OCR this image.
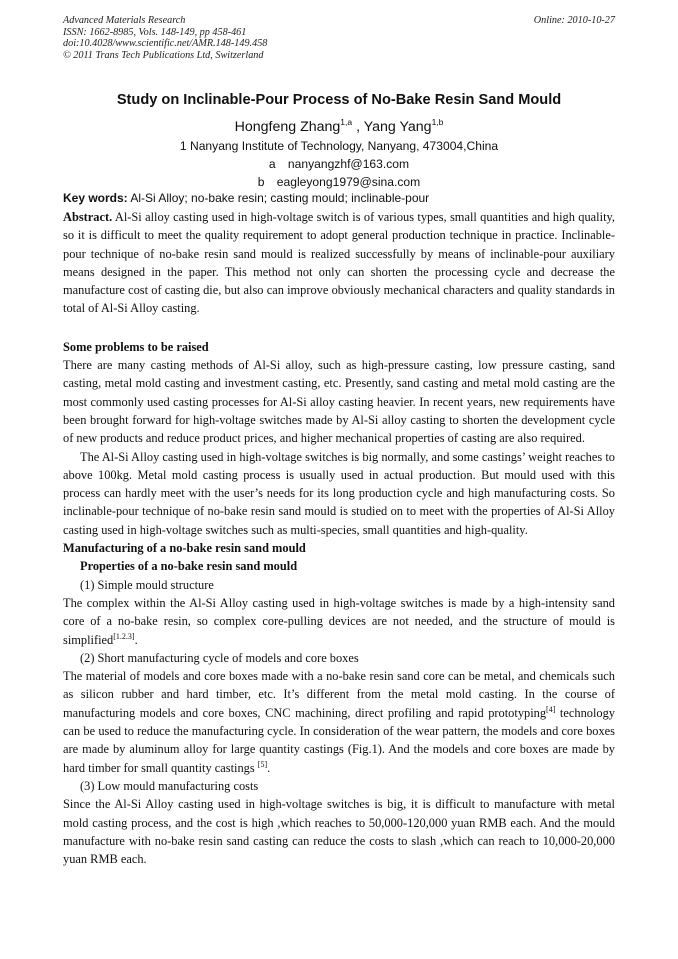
Advanced Materials Research
ISSN: 1662-8985, Vols. 148-149, pp 458-461
doi:10.4028/www.scientific.net/AMR.148-149.458
© 2011 Trans Tech Publications Ltd, Switzerland
Online: 2010-10-27
Study on Inclinable-Pour Process of No-Bake Resin Sand Mould
Hongfeng Zhang$^{1,a}$ , Yang Yang$^{1,b}$
1 Nanyang Institute of Technology, Nanyang, 473004,China
a nanyangzhf@163.com
b eagleyong1979@sina.com
Key words: Al-Si Alloy; no-bake resin; casting mould; inclinable-pour

Abstract. Al-Si alloy casting used in high-voltage switch is of various types, small quantities and high quality, so it is difficult to meet the quality requirement to adopt general production technique in practice. Inclinable-pour technique of no-bake resin sand mould is realized successfully by means of inclinable-pour auxiliary means designed in the paper. This method not only can shorten the processing cycle and decrease the manufacture cost of casting die, but also can improve obviously mechanical characters and quality standards in total of Al-Si Alloy casting.

Some problems to be raised

There are many casting methods of Al-Si alloy, such as high-pressure casting, low pressure casting, sand casting, metal mold casting and investment casting, etc. Presently, sand casting and metal mold casting are the most commonly used casting processes for Al-Si alloy casting heavier. In recent years, new requirements have been brought forward for high-voltage switches made by Al-Si alloy casting to shorten the development cycle of new products and reduce product prices, and higher mechanical properties of casting are also required.

The Al-Si Alloy casting used in high-voltage switches is big normally, and some castings’ weight reaches to above 100kg. Metal mold casting process is usually used in actual production. But mould used with this process can hardly meet with the user’s needs for its long production cycle and high manufacturing costs. So inclinable-pour technique of no-bake resin sand mould is studied on to meet with the properties of Al-Si Alloy casting used in high-voltage switches such as multi-species, small quantities and high-quality.

Manufacturing of a no-bake resin sand mould

Properties of a no-bake resin sand mould

(1) Simple mould structure

The complex within the Al-Si Alloy casting used in high-voltage switches is made by a high-intensity sand core of a no-bake resin, so complex core-pulling devices are not needed, and the structure of mould is simplified[1.2.3].

(2) Short manufacturing cycle of models and core boxes

The material of models and core boxes made with a no-bake resin sand core can be metal, and chemicals such as silicon rubber and hard timber, etc. It’s different from the metal mold casting. In the course of manufacturing models and core boxes, CNC machining, direct profiling and rapid prototyping[4] technology can be used to reduce the manufacturing cycle. In consideration of the wear pattern, the models and core boxes are made by aluminum alloy for large quantity castings (Fig.1). And the models and core boxes are made by hard timber for small quantity castings [5].

(3) Low mould manufacturing costs

Since the Al-Si Alloy casting used in high-voltage switches is big, it is difficult to manufacture with metal mold casting process, and the cost is high ,which reaches to 50,000-120,000 yuan RMB each. And the mould manufacture with no-bake resin sand casting can reduce the costs to slash ,which can reach to 10,000-20,000 yuan RMB each.
